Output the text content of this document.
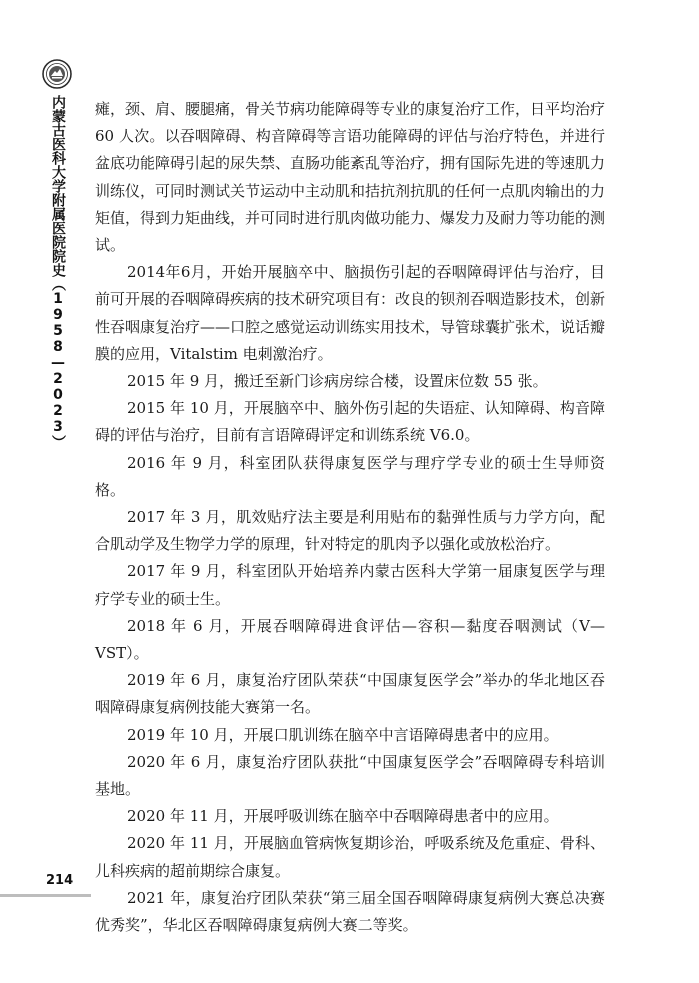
内蒙古医科大学附属医院院史（1958—2023） 瘫，颈、肩、腰腿痛，骨关节病功能障碍等专业的康复治疗工作，日平均治疗 60 人次。以吞咽障碍、构音障碍等言语功能障碍的评估与治疗特色，并进行盆底功能障碍引起的尿失禁、直肠功能紊乱等治疗，拥有国际先进的等速肌力训练仪，可同时测试关节运动中主动肌和拮抗剂抗肌的任何一点肌肉输出的力矩值，得到力矩曲线，并可同时进行肌肉做功能力、爆发力及耐力等功能的测试。

2014年6月，开始开展脑卒中、脑损伤引起的吞咽障碍评估与治疗，目前可开展的吞咽障碍疾病的技术研究项目有：改良的钡剂吞咽造影技术，创新性吞咽康复治疗——口腔之感觉运动训练实用技术，导管球囊扩张术，说话瓣膜的应用，Vitalstim 电刺激治疗。

2015 年 9 月，搬迁至新门诊病房综合楼，设置床位数 55 张。

2015 年 10 月，开展脑卒中、脑外伤引起的失语症、认知障碍、构音障碍的评估与治疗，目前有言语障碍评定和训练系统 V6.0。

2016 年 9 月，科室团队获得康复医学与理疗学专业的硕士生导师资格。

2017 年 3 月，肌效贴疗法主要是利用贴布的黏弹性质与力学方向，配合肌动学及生物学力学的原理，针对特定的肌肉予以强化或放松治疗。

2017 年 9 月，科室团队开始培养内蒙古医科大学第一届康复医学与理疗学专业的硕士生。

2018 年 6 月，开展吞咽障碍进食评估—容积—黏度吞咽测试（V—VST）。

2019 年 6 月，康复治疗团队荣获“中国康复医学会”举办的华北地区吞咽障碍康复病例技能大赛第一名。

2019 年 10 月，开展口肌训练在脑卒中言语障碍患者中的应用。

2020 年 6 月，康复治疗团队获批“中国康复医学会”吞咽障碍专科培训基地。

2020 年 11 月，开展呼吸训练在脑卒中吞咽障碍患者中的应用。

2020 年 11 月，开展脑血管病恢复期诊治，呼吸系统及危重症、骨科、儿科疾病的超前期综合康复。

2021 年，康复治疗团队荣获“第三届全国吞咽障碍康复病例大赛总决赛优秀奖”，华北区吞咽障碍康复病例大赛二等奖。

214
